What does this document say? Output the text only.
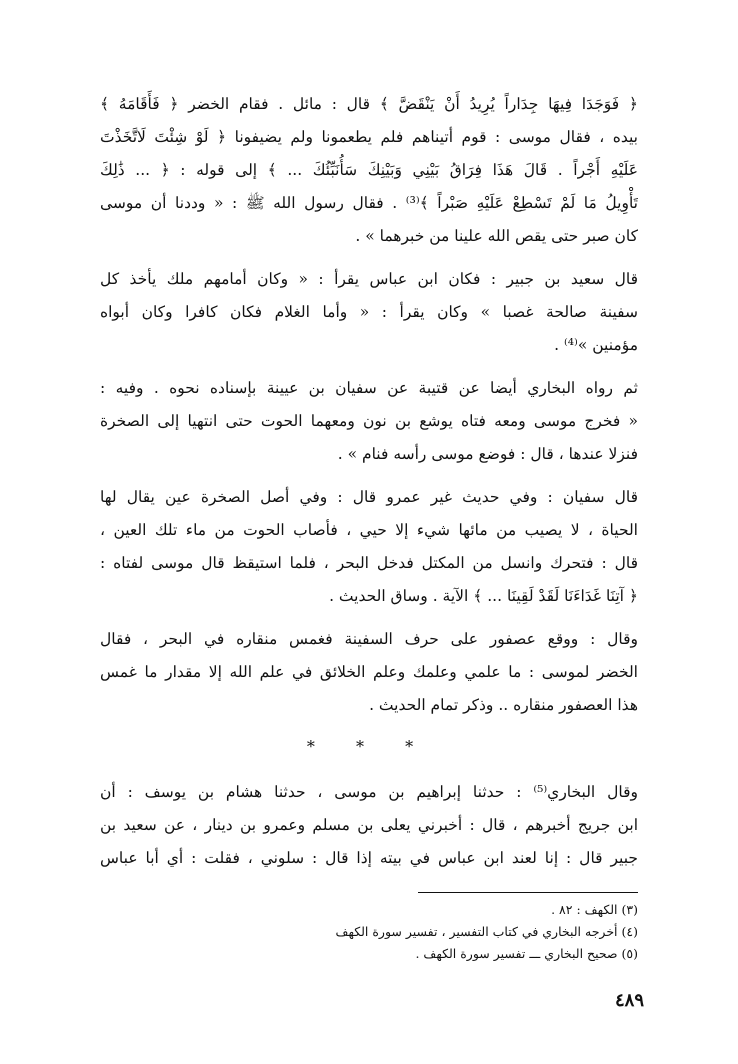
﴿ فَوَجَدَا فِيهَا جِدَاراً يُرِيدُ أَنْ يَنْقَضَّ ﴾ قال : مائل . فقام الخضر ﴿ فَأَقَامَهُ ﴾
بيده ، فقال موسى : قوم أتيناهم فلم يطعمونا ولم يضيفونا ﴿ لَوْ شِئْتَ لَاتَّخَذْتَ
عَلَيْهِ أَجْراً . قَالَ هَذَا فِرَاقُ بَيْنِي وَبَيْنِكَ سَأُنَبِّئُكَ ... ﴾ إلى قوله : ﴿ ... ذَٰلِكَ
تَأْوِيلُ مَا لَمْ تَسْطِعْ عَلَيْهِ صَبْراً ﴾⁽³⁾ . فقال رسول الله ﷺ : « وددنا أن موسى
كان صبر حتى يقص الله علينا من خبرهما » .

قال سعيد بن جبير : فكان ابن عباس يقرأ : « وكان أمامهم ملك يأخذ كل
سفينة صالحة غصبا » وكان يقرأ : « وأما الغلام فكان كافرا وكان أبواه
مؤمنين »⁽⁴⁾ .

ثم رواه البخاري أيضا عن قتيبة عن سفيان بن عيينة بإسناده نحوه . وفيه :
« فخرج موسى ومعه فتاه يوشع بن نون ومعهما الحوت حتى انتهيا إلى الصخرة
فنزلا عندها ، قال : فوضع موسى رأسه فنام » .

قال سفيان : وفي حديث غير عمرو قال : وفي أصل الصخرة عين يقال لها
الحياة ، لا يصيب من مائها شيء إلا حيي ، فأصاب الحوت من ماء تلك العين ،
قال : فتحرك وانسل من المكتل فدخل البحر ، فلما استيقظ قال موسى لفتاه :
﴿ آتِنَا غَدَاءَنَا لَقَدْ لَقِينَا ... ﴾ الآية . وساق الحديث .

وقال : ووقع عصفور على حرف السفينة فغمس منقاره في البحر ، فقال
الخضر لموسى : ما علمي وعلمك وعلم الخلائق في علم الله إلا مقدار ما غمس
هذا العصفور منقاره .. وذكر تمام الحديث .

* * *

وقال البخاري⁽⁵⁾ : حدثنا إبراهيم بن موسى ، حدثنا هشام بن يوسف : أن
ابن جريج أخبرهم ، قال : أخبرني يعلى بن مسلم وعمرو بن دينار ، عن سعيد بن
جبير قال : إنا لعند ابن عباس في بيته إذا قال : سلوني ، فقلت : أي أبا عباس

(٣) الكهف : ٨٢ .
(٤) أخرجه البخاري في كتاب التفسير ، تفسير سورة الكهف
(٥) صحيح البخاري ـــ تفسير سورة الكهف .
٤٨٩
